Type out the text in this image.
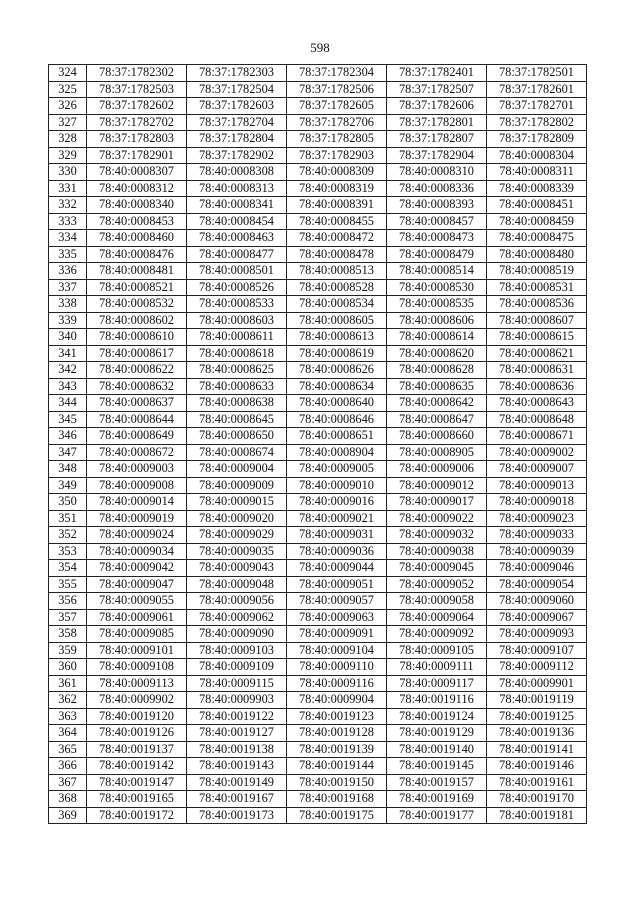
598
324	78:37:1782302	78:37:1782303	78:37:1782304	78:37:1782401	78:37:1782501
325	78:37:1782503	78:37:1782504	78:37:1782506	78:37:1782507	78:37:1782601
326	78:37:1782602	78:37:1782603	78:37:1782605	78:37:1782606	78:37:1782701
327	78:37:1782702	78:37:1782704	78:37:1782706	78:37:1782801	78:37:1782802
328	78:37:1782803	78:37:1782804	78:37:1782805	78:37:1782807	78:37:1782809
329	78:37:1782901	78:37:1782902	78:37:1782903	78:37:1782904	78:40:0008304
330	78:40:0008307	78:40:0008308	78:40:0008309	78:40:0008310	78:40:0008311
331	78:40:0008312	78:40:0008313	78:40:0008319	78:40:0008336	78:40:0008339
332	78:40:0008340	78:40:0008341	78:40:0008391	78:40:0008393	78:40:0008451
333	78:40:0008453	78:40:0008454	78:40:0008455	78:40:0008457	78:40:0008459
334	78:40:0008460	78:40:0008463	78:40:0008472	78:40:0008473	78:40:0008475
335	78:40:0008476	78:40:0008477	78:40:0008478	78:40:0008479	78:40:0008480
336	78:40:0008481	78:40:0008501	78:40:0008513	78:40:0008514	78:40:0008519
337	78:40:0008521	78:40:0008526	78:40:0008528	78:40:0008530	78:40:0008531
338	78:40:0008532	78:40:0008533	78:40:0008534	78:40:0008535	78:40:0008536
339	78:40:0008602	78:40:0008603	78:40:0008605	78:40:0008606	78:40:0008607
340	78:40:0008610	78:40:0008611	78:40:0008613	78:40:0008614	78:40:0008615
341	78:40:0008617	78:40:0008618	78:40:0008619	78:40:0008620	78:40:0008621
342	78:40:0008622	78:40:0008625	78:40:0008626	78:40:0008628	78:40:0008631
343	78:40:0008632	78:40:0008633	78:40:0008634	78:40:0008635	78:40:0008636
344	78:40:0008637	78:40:0008638	78:40:0008640	78:40:0008642	78:40:0008643
345	78:40:0008644	78:40:0008645	78:40:0008646	78:40:0008647	78:40:0008648
346	78:40:0008649	78:40:0008650	78:40:0008651	78:40:0008660	78:40:0008671
347	78:40:0008672	78:40:0008674	78:40:0008904	78:40:0008905	78:40:0009002
348	78:40:0009003	78:40:0009004	78:40:0009005	78:40:0009006	78:40:0009007
349	78:40:0009008	78:40:0009009	78:40:0009010	78:40:0009012	78:40:0009013
350	78:40:0009014	78:40:0009015	78:40:0009016	78:40:0009017	78:40:0009018
351	78:40:0009019	78:40:0009020	78:40:0009021	78:40:0009022	78:40:0009023
352	78:40:0009024	78:40:0009029	78:40:0009031	78:40:0009032	78:40:0009033
353	78:40:0009034	78:40:0009035	78:40:0009036	78:40:0009038	78:40:0009039
354	78:40:0009042	78:40:0009043	78:40:0009044	78:40:0009045	78:40:0009046
355	78:40:0009047	78:40:0009048	78:40:0009051	78:40:0009052	78:40:0009054
356	78:40:0009055	78:40:0009056	78:40:0009057	78:40:0009058	78:40:0009060
357	78:40:0009061	78:40:0009062	78:40:0009063	78:40:0009064	78:40:0009067
358	78:40:0009085	78:40:0009090	78:40:0009091	78:40:0009092	78:40:0009093
359	78:40:0009101	78:40:0009103	78:40:0009104	78:40:0009105	78:40:0009107
360	78:40:0009108	78:40:0009109	78:40:0009110	78:40:0009111	78:40:0009112
361	78:40:0009113	78:40:0009115	78:40:0009116	78:40:0009117	78:40:0009901
362	78:40:0009902	78:40:0009903	78:40:0009904	78:40:0019116	78:40:0019119
363	78:40:0019120	78:40:0019122	78:40:0019123	78:40:0019124	78:40:0019125
364	78:40:0019126	78:40:0019127	78:40:0019128	78:40:0019129	78:40:0019136
365	78:40:0019137	78:40:0019138	78:40:0019139	78:40:0019140	78:40:0019141
366	78:40:0019142	78:40:0019143	78:40:0019144	78:40:0019145	78:40:0019146
367	78:40:0019147	78:40:0019149	78:40:0019150	78:40:0019157	78:40:0019161
368	78:40:0019165	78:40:0019167	78:40:0019168	78:40:0019169	78:40:0019170
369	78:40:0019172	78:40:0019173	78:40:0019175	78:40:0019177	78:40:0019181
